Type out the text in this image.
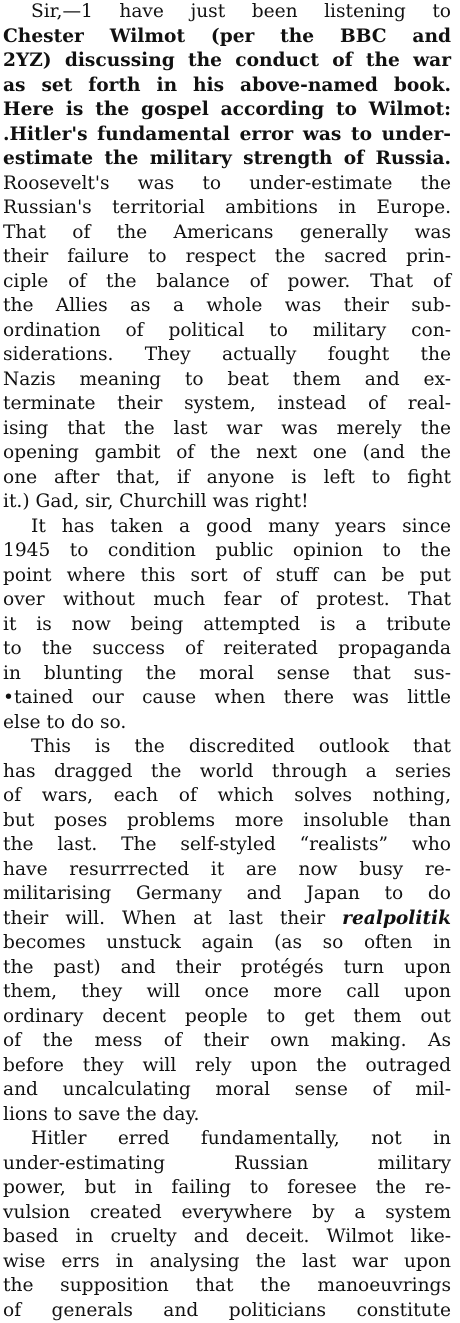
Sir,—1 have just been listening to
Chester Wilmot (per the BBC and
2YZ) discussing the conduct of the war
as set forth in his above-named book.
Here is the gospel according to Wilmot:
.Hitler's fundamental error was to under-
estimate the military strength of Russia.
Roosevelt's was to under-estimate the
Russian's territorial ambitions in Europe.
That of the Americans generally was
their failure to respect the sacred prin-
ciple of the balance of power. That of
the Allies as a whole was their sub-
ordination of political to military con-
siderations. They actually fought the
Nazis meaning to beat them and ex-
terminate their system, instead of real-
ising that the last war was merely the
opening gambit of the next one (and the
one after that, if anyone is left to fight
it.) Gad, sir, Churchill was right!
It has taken a good many years since
1945 to condition public opinion to the
point where this sort of stuff can be put
over without much fear of protest. That
it is now being attempted is a tribute
to the success of reiterated propaganda
in blunting the moral sense that sus-
•tained our cause when there was little
else to do so.
This is the discredited outlook that
has dragged the world through a series
of wars, each of which solves nothing,
but poses problems more insoluble than
the last. The self-styled “realists” who
have resurrrected it are now busy re-
militarising Germany and Japan to do
their will. When at last their realpolitik
becomes unstuck again (as so often in
the past) and their protégés turn upon
them, they will once more call upon
ordinary decent people to get them out
of the mess of their own making. As
before they will rely upon the outraged
and uncalculating moral sense of mil-
lions to save the day.
Hitler erred fundamentally, not in
under-estimating Russian military
power, but in failing to foresee the re-
vulsion created everywhere by a system
based in cruelty and deceit. Wilmot like-
wise errs in analysing the last war upon
the supposition that the manoeuvrings
of generals and politicians constitute
